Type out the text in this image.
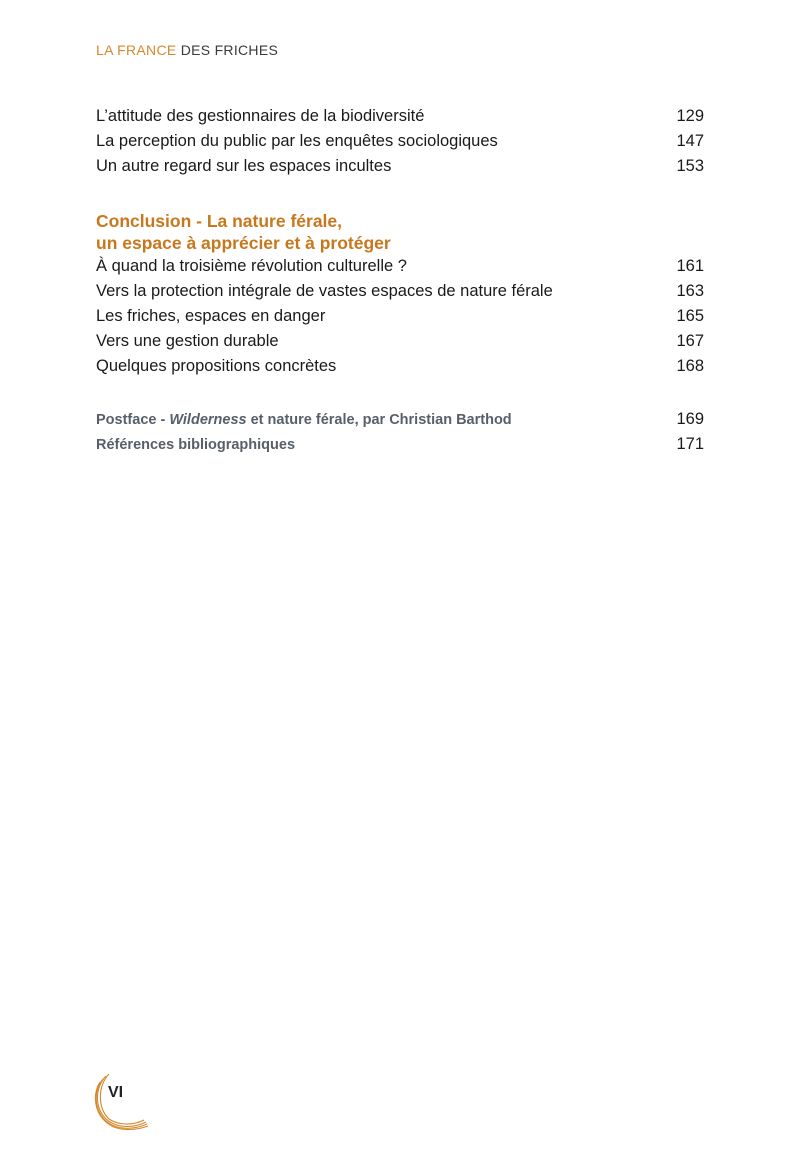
LA FRANCE DES FRICHES
L’attitude des gestionnaires de la biodiversité	129
La perception du public par les enquêtes sociologiques	147
Un autre regard sur les espaces incultes	153
Conclusion - La nature férale,
un espace à apprécier et à protéger
À quand la troisième révolution culturelle ?	161
Vers la protection intégrale de vastes espaces de nature férale	163
Les friches, espaces en danger	165
Vers une gestion durable	167
Quelques propositions concrètes	168
Postface - Wilderness et nature férale, par Christian Barthod	169
Références bibliographiques	171
VI
